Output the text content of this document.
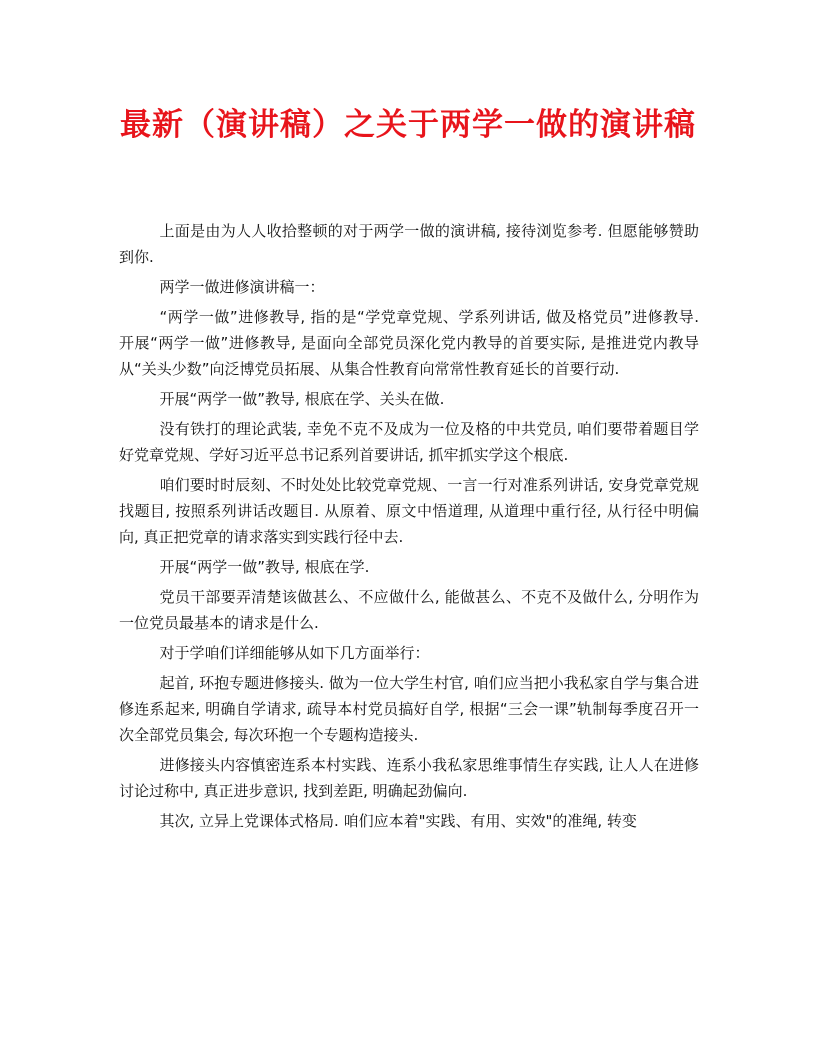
最新（演讲稿）之关于两学一做的演讲稿

上面是由为人人收拾整顿的对于两学一做的演讲稿, 接待浏览参考. 但愿能够赞助到你.

两学一做进修演讲稿一：

“两学一做”进修教导, 指的是“学党章党规、学系列讲话, 做及格党员”进修教导. 开展“两学一做”进修教导, 是面向全部党员深化党内教导的首要实际, 是推进党内教导从“关头少数”向泛博党员拓展、从集合性教育向常常性教育延长的首要行动.

开展“两学一做”教导, 根底在学、关头在做.

没有铁打的理论武装, 幸免不克不及成为一位及格的中共党员, 咱们要带着题目学好党章党规、学好习近平总书记系列首要讲话, 抓牢抓实学这个根底.

咱们要时时辰刻、不时处处比较党章党规、一言一行对准系列讲话, 安身党章党规找题目, 按照系列讲话改题目. 从原着、原文中悟道理, 从道理中重行径, 从行径中明偏向, 真正把党章的请求落实到实践行径中去.

开展“两学一做”教导, 根底在学.

党员干部要弄清楚该做甚么、不应做什么, 能做甚么、不克不及做什么, 分明作为一位党员最基本的请求是什么.

对于学咱们详细能够从如下几方面举行：

起首, 环抱专题进修接头. 做为一位大学生村官, 咱们应当把小我私家自学与集合进修连系起来, 明确自学请求, 疏导本村党员搞好自学, 根据“三会一课”轨制每季度召开一次全部党员集会, 每次环抱一个专题构造接头.

进修接头内容慎密连系本村实践、连系小我私家思维事情生存实践, 让人人在进修讨论过称中, 真正进步意识, 找到差距, 明确起劲偏向.

其次, 立异上党课体式格局. 咱们应本着"实践、有用、实效"的准绳, 转变
